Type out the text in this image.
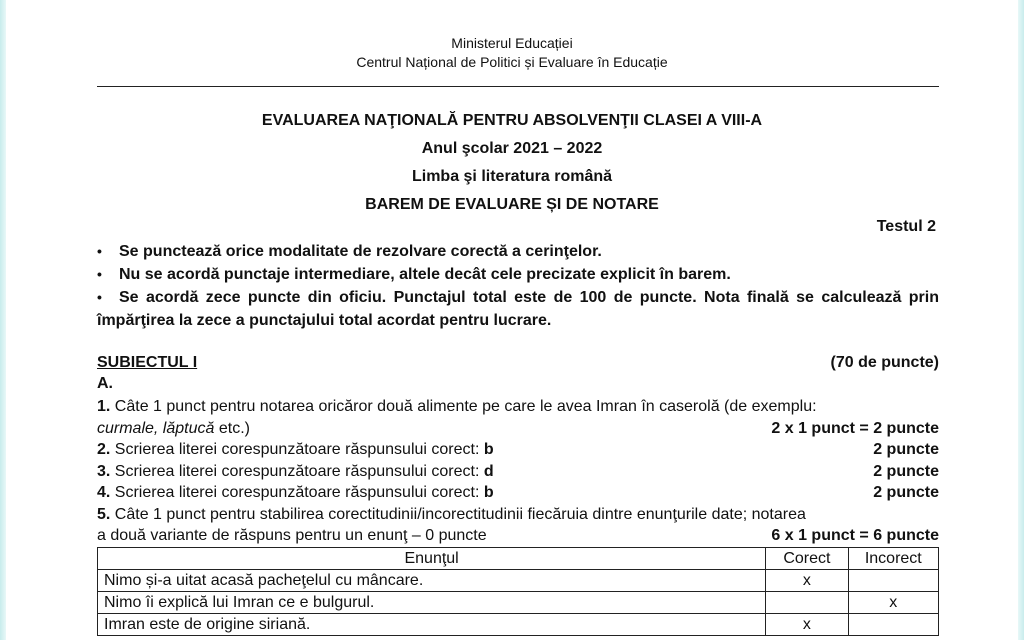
Ministerul Educației
Centrul Național de Politici și Evaluare în Educație
EVALUAREA NAŢIONALĂ PENTRU ABSOLVENŢII CLASEI A VIII-A
Anul şcolar 2021 – 2022
Limba şi literatura română
BAREM DE EVALUARE ȘI DE NOTARE
Testul 2
•	Se punctează orice modalitate de rezolvare corectă a cerinţelor.
•	Nu se acordă punctaje intermediare, altele decât cele precizate explicit în barem.
• Se acordă zece puncte din oficiu. Punctajul total este de 100 de puncte. Nota finală se calculează prin împărţirea la zece a punctajului total acordat pentru lucrare.
SUBIECTUL I	(70 de puncte)
A.
1. Câte 1 punct pentru notarea oricăror două alimente pe care le avea Imran în caserolă (de exemplu:
curmale, lăptucă etc.)	2 x 1 punct = 2 puncte
2. Scrierea literei corespunzătoare răspunsului corect: b	2 puncte
3. Scrierea literei corespunzătoare răspunsului corect: d	2 puncte
4. Scrierea literei corespunzătoare răspunsului corect: b	2 puncte
5. Câte 1 punct pentru stabilirea corectitudinii/incorectitudinii fiecăruia dintre enunţurile date; notarea
a două variante de răspuns pentru un enunţ – 0 puncte	6 x 1 punct = 6 puncte
Enunţul	Corect	Incorect
Nimo și-a uitat acasă pacheţelul cu mâncare.	x	
Nimo îi explică lui Imran ce e bulgurul.		x
Imran este de origine siriană.	x	
